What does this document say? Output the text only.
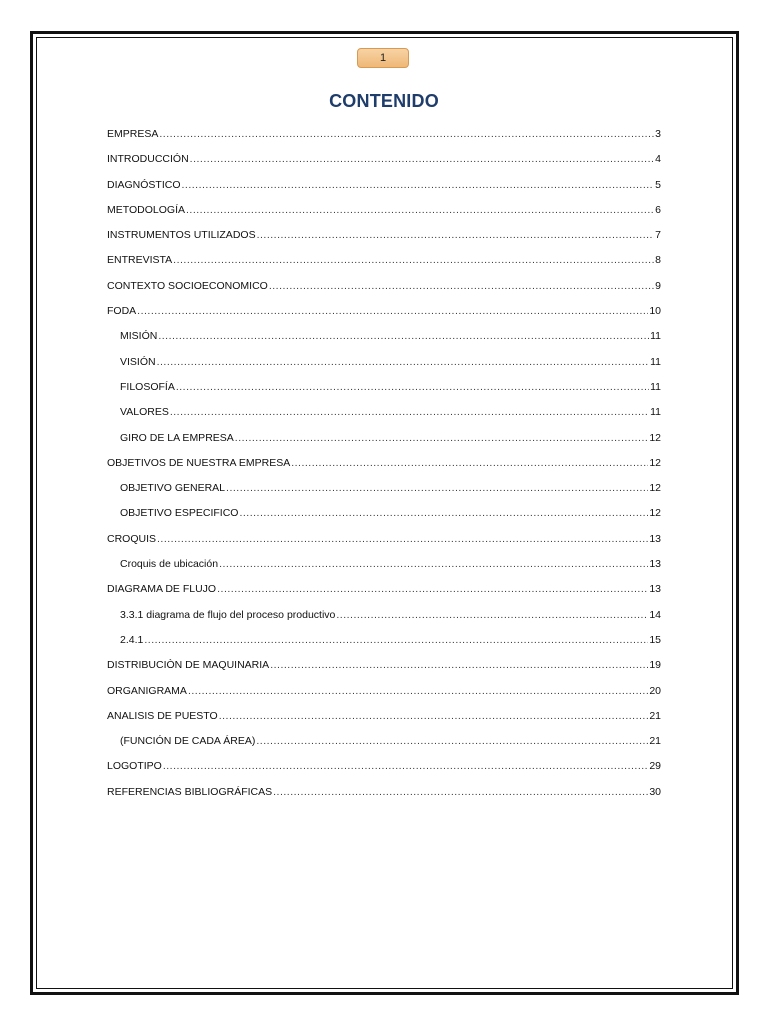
1
CONTENIDO
EMPRESA .....	3
INTRODUCCIÓN .....	4
DIAGNÓSTICO .....	5
METODOLOGÍA .....	6
INSTRUMENTOS UTILIZADOS .....	7
ENTREVISTA .....	8
CONTEXTO SOCIOECONOMICO .....	9
FODA .....	10
MISIÓN .....	11
VISIÓN .....	11
FILOSOFÍA .....	11
VALORES .....	11
GIRO DE LA EMPRESA .....	12
OBJETIVOS DE NUESTRA EMPRESA .....	12
OBJETIVO GENERAL .....	12
OBJETIVO ESPECIFICO .....	12
CROQUIS .....	13
Croquis de ubicación .....	13
DIAGRAMA DE FLUJO .....	13
3.3.1 diagrama de flujo del proceso productivo .....	14
2.4.1 .....	15
DISTRIBUCIÒN DE MAQUINARIA .....	19
ORGANIGRAMA .....	20
ANALISIS DE PUESTO .....	21
(FUNCIÓN DE CADA ÁREA) .....	21
LOGOTIPO .....	29
REFERENCIAS BIBLIOGRÁFICAS .....	30
